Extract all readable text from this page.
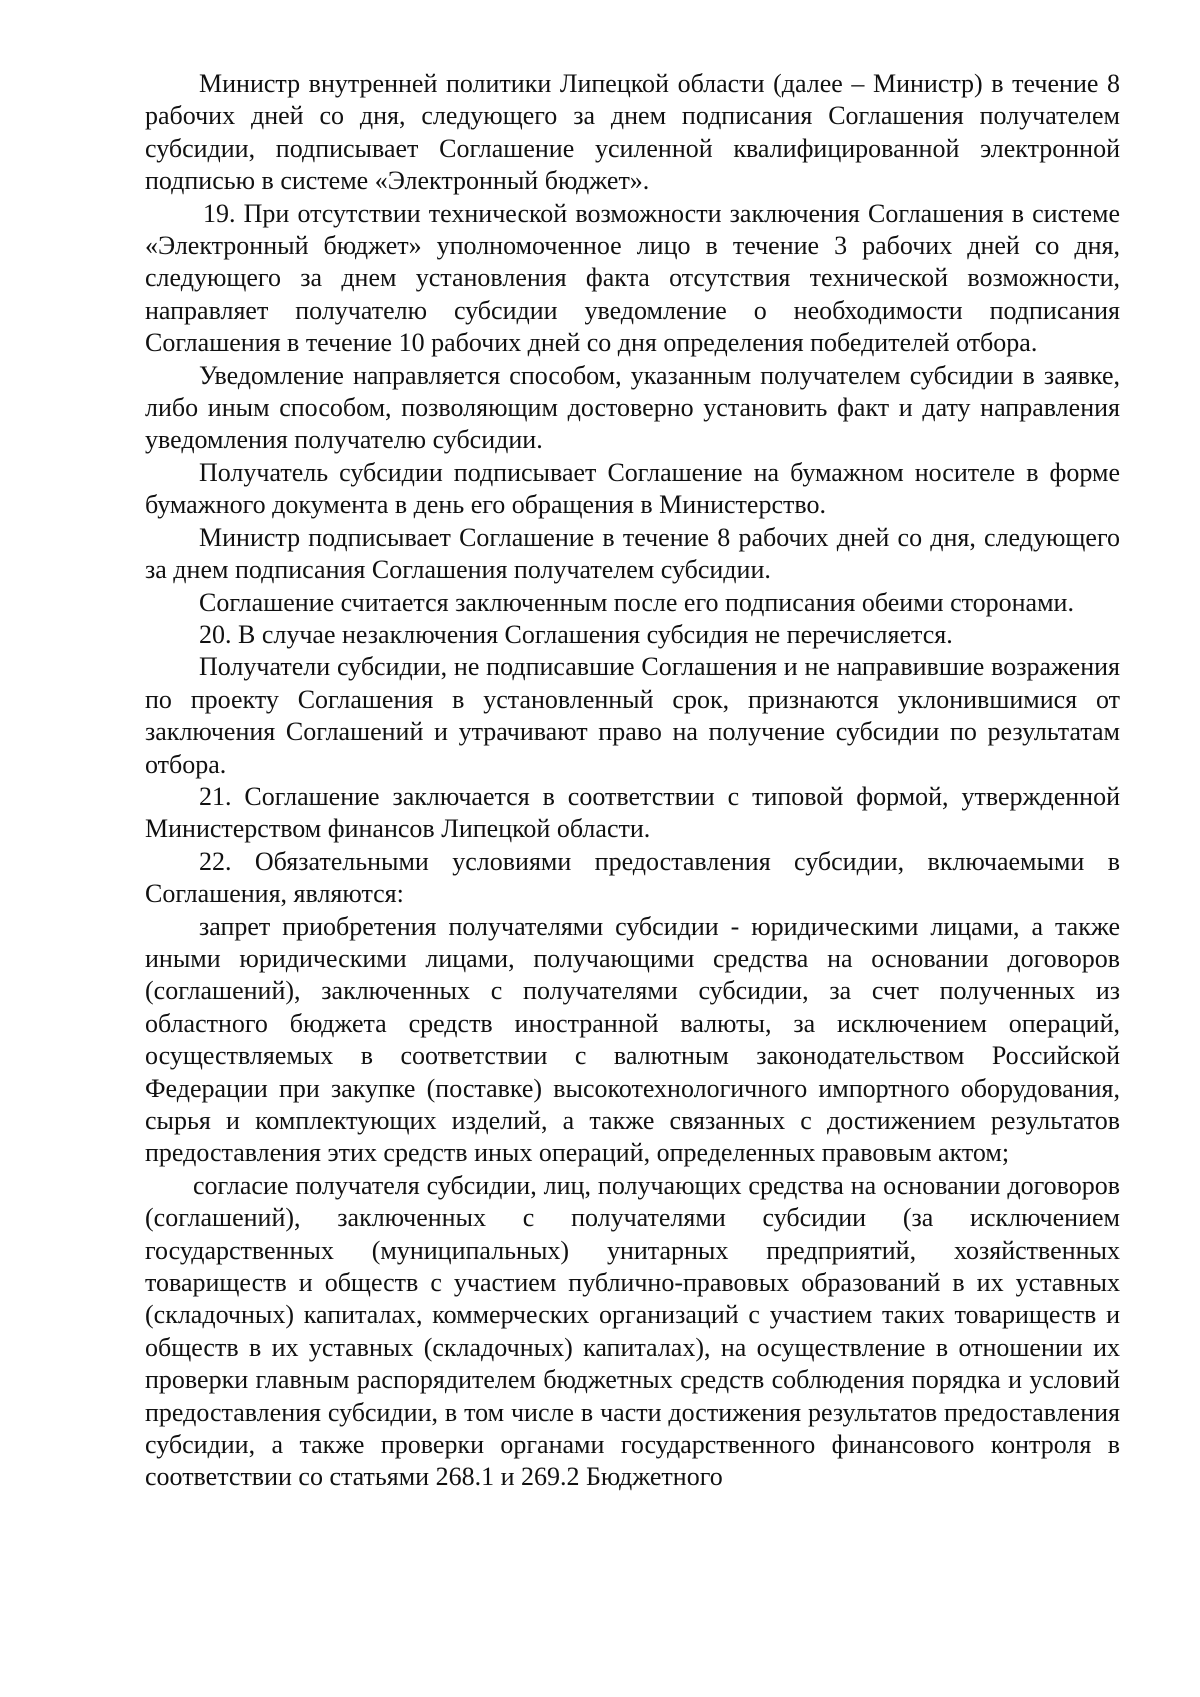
Министр внутренней политики Липецкой области (далее – Министр) в течение 8 рабочих дней со дня, следующего за днем подписания Соглашения получателем субсидии, подписывает Соглашение усиленной квалифицированной электронной подписью в системе «Электронный бюджет».

19. При отсутствии технической возможности заключения Соглашения в системе «Электронный бюджет» уполномоченное лицо в течение 3 рабочих дней со дня, следующего за днем установления факта отсутствия технической возможности, направляет получателю субсидии уведомление о необходимости подписания Соглашения в течение 10 рабочих дней со дня определения победителей отбора.

Уведомление направляется способом, указанным получателем субсидии в заявке, либо иным способом, позволяющим достоверно установить факт и дату направления уведомления получателю субсидии.

Получатель субсидии подписывает Соглашение на бумажном носителе в форме бумажного документа в день его обращения в Министерство.

Министр подписывает Соглашение в течение 8 рабочих дней со дня, следующего за днем подписания Соглашения получателем субсидии.

Соглашение считается заключенным после его подписания обеими сторонами.

20. В случае незаключения Соглашения субсидия не перечисляется.

Получатели субсидии, не подписавшие Соглашения и не направившие возражения по проекту Соглашения в установленный срок, признаются уклонившимися от заключения Соглашений и утрачивают право на получение субсидии по результатам отбора.

21. Соглашение заключается в соответствии с типовой формой, утвержденной Министерством финансов Липецкой области.

22. Обязательными условиями предоставления субсидии, включаемыми в Соглашения, являются:

запрет приобретения получателями субсидии - юридическими лицами, а также иными юридическими лицами, получающими средства на основании договоров (соглашений), заключенных с получателями субсидии, за счет полученных из областного бюджета средств иностранной валюты, за исключением операций, осуществляемых в соответствии с валютным законодательством Российской Федерации при закупке (поставке) высокотехнологичного импортного оборудования, сырья и комплектующих изделий, а также связанных с достижением результатов предоставления этих средств иных операций, определенных правовым актом;

согласие получателя субсидии, лиц, получающих средства на основании договоров (соглашений), заключенных с получателями субсидии (за исключением государственных (муниципальных) унитарных предприятий, хозяйственных товариществ и обществ с участием публично-правовых образований в их уставных (складочных) капиталах, коммерческих организаций с участием таких товариществ и обществ в их уставных (складочных) капиталах), на осуществление в отношении их проверки главным распорядителем бюджетных средств соблюдения порядка и условий предоставления субсидии, в том числе в части достижения результатов предоставления субсидии, а также проверки органами государственного финансового контроля в соответствии со статьями 268.1 и 269.2 Бюджетного
